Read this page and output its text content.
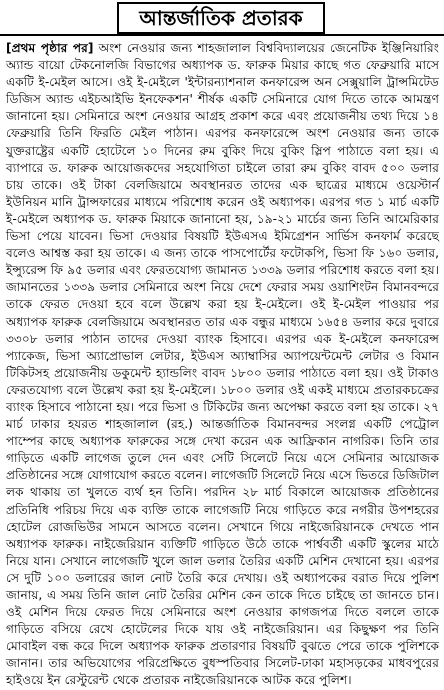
আন্তর্জাতিক প্রতারক

[প্রথম পৃষ্ঠার পর] অংশ নেওয়ার জন্য শাহজালাল বিশ্ববিদ্যালয়ের জেনেটিক ইঞ্জিনিয়ারিং অ্যান্ড বায়ো টেকনোলজি বিভাগের অধ্যাপক ড. ফারুক মিয়ার কাছে গত ফেব্রুয়ারি মাসে একটি ই-মেইল আসে। ওই ই-মেইলে 'ইন্টারন্যাশনাল কনফারেন্স অন সেক্সুয়ালি ট্রান্সমিটেড ডিজিস অ্যান্ড এইচআইভি ইনফেকশন' শীর্ষক একটি সেমিনারে যোগ দিতে তাকে আমন্ত্রণ জানানো হয়। সেমিনারে অংশ নেওয়ার আগ্রহ প্রকাশ করে এবং প্রয়োজনীয় তথ্য দিয়ে ১৪ ফেব্রুয়ারি তিনি ফিরতি মেইল পাঠান। এরপর কনফারেন্সে অংশ নেওয়ার জন্য তাকে যুক্তরাষ্ট্রের একটি হোটেলে ১০ দিনের রুম বুকিং দিয়ে বুকিং স্লিপ পাঠাতে বলা হয়। এ ব্যাপারে ড. ফারুক আয়োজকদের সহযোগিতা চাইলে তারা রুম বুকিং বাবদ ৫০০ ডলার চায় তাকে। ওই টাকা বেলজিয়ামে অবস্থানরত তাদের এক ছাত্রের মাধ্যমে ওয়েস্টার্ন ইউনিয়ন মানি ট্রান্সফারের মাধ্যমে পরিশোধ করেন ওই অধ্যাপক। এরপর গত ১ মার্চ একটি ই-মেইলে অধ্যাপক ড. ফারুক মিয়াকে জানানো হয়, ১৯-২১ মার্চের জন্য তিনি আমেরিকার ভিসা পেয়ে যাবেন। ভিসা দেওয়ার বিষয়টি ইউএসএ ইমিগ্রেশন সার্ভিস কনফার্ম করেছে বলেও আশ্বস্ত করা হয় তাকে। এ জন্য তাকে পাসপোর্টের ফটোকপি, ভিসা ফি ১৬০ ডলার, ইন্স্যুরেন্স ফি ৯৫ ডলার এবং ফেরতযোগ্য জামানত ১৩৩৯ ডলার পরিশোধ করতে বলা হয়। জামানতের ১৩৩৯ ডলার সেমিনারে অংশ নিয়ে দেশে ফেরার সময় ওয়াশিংটন বিমানবন্দরে তাকে ফেরত দেওয়া হবে বলে উল্লেখ করা হয় ই-মেইলে। ওই ই-মেইল পাওয়ার পর অধ্যাপক ফারুক বেলজিয়ামে অবস্থানরত তার এক বন্ধুর মাধ্যমে ১৬৫৪ ডলার করে দুবারে ৩৩০৮ ডলার পাঠান তাদের দেওয়া ব্যাংক হিসাবে। এরপর এক ই-মেইলে কনফারেন্স প্যাকেজ, ভিসা অ্যাপ্রোভাল লেটার, ইউএস অ্যাম্বাসির অ্যাপয়েন্টমেন্ট লেটার ও বিমান টিকিটসহ প্রয়োজনীয় ডকুমেন্ট হ্যান্ডলিং বাবদ ১৮০০ ডলার পাঠাতে বলা হয়। ওই টাকাও ফেরতযোগ্য বলে উল্লেখ করা হয় ই-মেইলে। ১৮০০ ডলার ওই একই মাধ্যমে প্রতারকচক্রের ব্যাংক হিসাবে পাঠানো হয়। পরে ভিসা ও টিকিটের জন্য অপেক্ষা করতে বলা হয় তাকে। ২৭ মার্চ ঢাকার হযরত শাহজালাল (রহ.) আন্তর্জাতিক বিমানবন্দর সংলগ্ন একটি পেট্রোল পাম্পের কাছে অধ্যাপক ফারুকের সঙ্গে দেখা করেন এক আফ্রিকান নাগরিক। তিনি তার গাড়িতে একটি লাগেজ তুলে দেন এবং সেটি সিলেটে নিয়ে এসে সেমিনার আয়োজক প্রতিষ্ঠানের সঙ্গে যোগাযোগ করতে বলেন। লাগেজটি সিলেটে নিয়ে এসে ভিতরে ডিজিটাল লক থাকায় তা খুলতে ব্যর্থ হন তিনি। পরদিন ২৮ মার্চ বিকালে আয়োজক প্রতিষ্ঠানের প্রতিনিধি পরিচয় দিয়ে এক ব্যক্তি তাকে লাগেজটি নিয়ে গাড়িতে করে নগরীর উপশহরের হোটেল রোজভিউর সামনে আসতে বলেন। সেখানে গিয়ে নাইজেরিয়ানকে দেখতে পান অধ্যাপক ফারুক। নাইজেরিয়ান ব্যক্তিটি গাড়িতে উঠে তাকে পার্শ্ববর্তী একটি স্কুলের মাঠে নিয়ে যান। সেখানে লাগেজটি খুলে জাল ডলার তৈরির একটি মেশিন দেখানো হয়। এরপর সে দুটি ১০০ ডলারের জাল নোট তৈরি করে দেখায়। ওই অধ্যাপকের বরাত দিয়ে পুলিশ জানায়, এ সময় তিনি জাল নোট তৈরির মেশিন কেন তাকে দিতে চাইছে তা জানতে চান। ওই মেশিন দিয়ে ফেরত দিয়ে সেমিনারে অংশ নেওয়ার কাগজপত্র দিতে বললে তাকে গাড়িতে বসিয়ে রেখে হোটেলের দিকে যায় ওই নাইজেরিয়ান। এর কিছুক্ষণ পর তিনি মোবাইল বন্ধ করে দিলে অধ্যাপক ফারুক প্রতারণার বিষয়টি বুঝতে পেরে তাকে পুলিশকে জানান। তার অভিযোগের পরিপ্রেক্ষিতে বুধস্পতিবার সিলেট-ঢাকা মহাসড়কের মাধবপুরের হাইওয়ে ইন রেস্টুরেন্ট থেকে প্রতারক নাইজেরিয়ানকে আটক করে পুলিশ।
